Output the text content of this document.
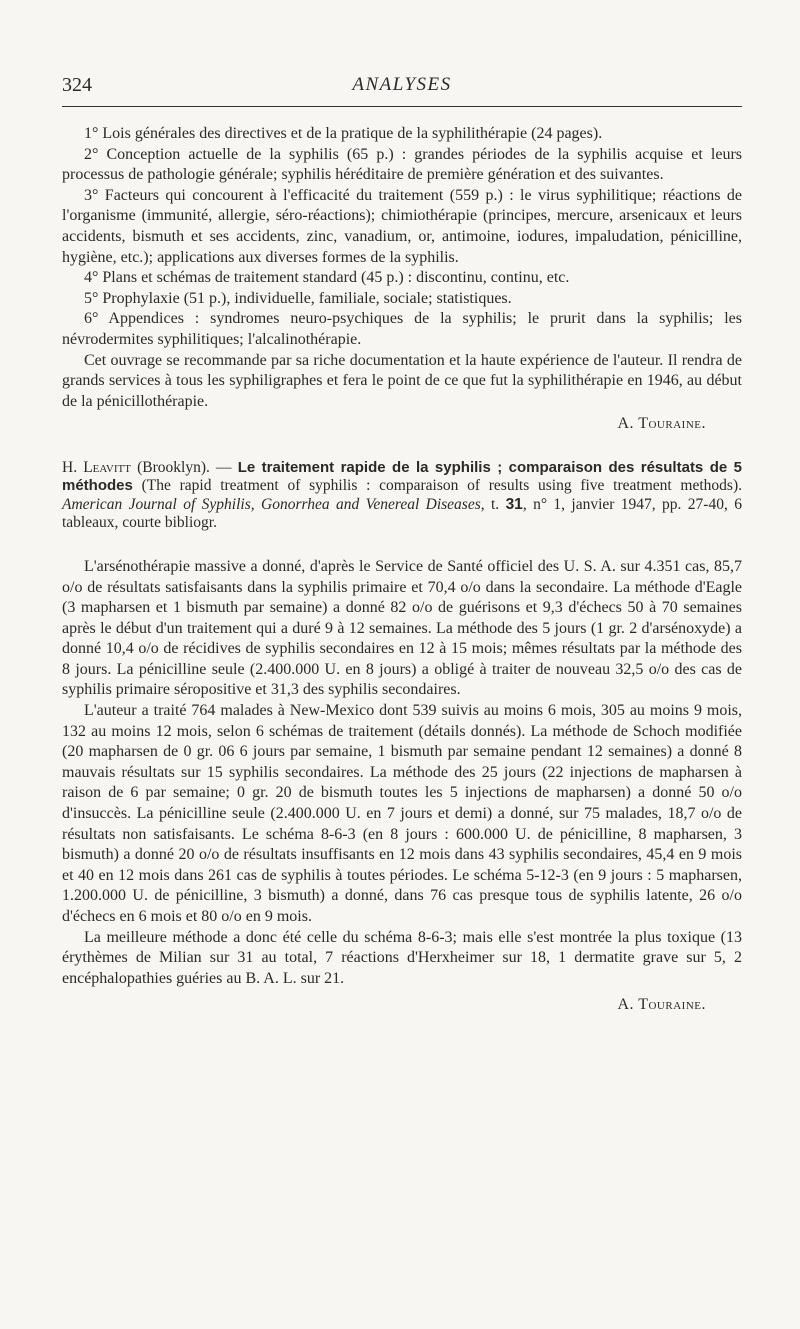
324	ANALYSES

1° Lois générales des directives et de la pratique de la syphilithérapie (24 pages).

2° Conception actuelle de la syphilis (65 p.) : grandes périodes de la syphilis acquise et leurs processus de pathologie générale; syphilis héréditaire de première génération et des suivantes.

3° Facteurs qui concourent à l'efficacité du traitement (559 p.) : le virus syphilitique; réactions de l'organisme (immunité, allergie, séro-réactions); chimiothérapie (principes, mercure, arsenicaux et leurs accidents, bismuth et ses accidents, zinc, vanadium, or, antimoine, iodures, impaludation, pénicilline, hygiène, etc.); applications aux diverses formes de la syphilis.

4° Plans et schémas de traitement standard (45 p.) : discontinu, continu, etc.

5° Prophylaxie (51 p.), individuelle, familiale, sociale; statistiques.

6° Appendices : syndromes neuro-psychiques de la syphilis; le prurit dans la syphilis; les névrodermites syphilitiques; l'alcalinothérapie.

Cet ouvrage se recommande par sa riche documentation et la haute expérience de l'auteur. Il rendra de grands services à tous les syphiligraphes et fera le point de ce que fut la syphilithérapie en 1946, au début de la pénicillothérapie.

A. Touraine.

H. Leavitt (Brooklyn). — Le traitement rapide de la syphilis ; comparaison des résultats de 5 méthodes (The rapid treatment of syphilis : comparaison of results using five treatment methods). American Journal of Syphilis, Gonorrhea and Venereal Diseases, t. 31, n° 1, janvier 1947, pp. 27-40, 6 tableaux, courte bibliogr.

L'arsénothérapie massive a donné, d'après le Service de Santé officiel des U. S. A. sur 4.351 cas, 85,7 o/o de résultats satisfaisants dans la syphilis primaire et 70,4 o/o dans la secondaire. La méthode d'Eagle (3 mapharsen et 1 bismuth par semaine) a donné 82 o/o de guérisons et 9,3 d'échecs 50 à 70 semaines après le début d'un traitement qui a duré 9 à 12 semaines. La méthode des 5 jours (1 gr. 2 d'arsénoxyde) a donné 10,4 o/o de récidives de syphilis secondaires en 12 à 15 mois; mêmes résultats par la méthode des 8 jours. La pénicilline seule (2.400.000 U. en 8 jours) a obligé à traiter de nouveau 32,5 o/o des cas de syphilis primaire séropositive et 31,3 des syphilis secondaires.

L'auteur a traité 764 malades à New-Mexico dont 539 suivis au moins 6 mois, 305 au moins 9 mois, 132 au moins 12 mois, selon 6 schémas de traitement (détails donnés). La méthode de Schoch modifiée (20 mapharsen de 0 gr. 06 6 jours par semaine, 1 bismuth par semaine pendant 12 semaines) a donné 8 mauvais résultats sur 15 syphilis secondaires. La méthode des 25 jours (22 injections de mapharsen à raison de 6 par semaine; 0 gr. 20 de bismuth toutes les 5 injections de mapharsen) a donné 50 o/o d'insuccès. La pénicilline seule (2.400.000 U. en 7 jours et demi) a donné, sur 75 malades, 18,7 o/o de résultats non satisfaisants. Le schéma 8-6-3 (en 8 jours : 600.000 U. de pénicilline, 8 mapharsen, 3 bismuth) a donné 20 o/o de résultats insuffisants en 12 mois dans 43 syphilis secondaires, 45,4 en 9 mois et 40 en 12 mois dans 261 cas de syphilis à toutes périodes. Le schéma 5-12-3 (en 9 jours : 5 mapharsen, 1.200.000 U. de pénicilline, 3 bismuth) a donné, dans 76 cas presque tous de syphilis latente, 26 o/o d'échecs en 6 mois et 80 o/o en 9 mois.

La meilleure méthode a donc été celle du schéma 8-6-3; mais elle s'est montrée la plus toxique (13 érythèmes de Milian sur 31 au total, 7 réactions d'Herxheimer sur 18, 1 dermatite grave sur 5, 2 encéphalopathies guéries au B. A. L. sur 21.

A. Touraine.
